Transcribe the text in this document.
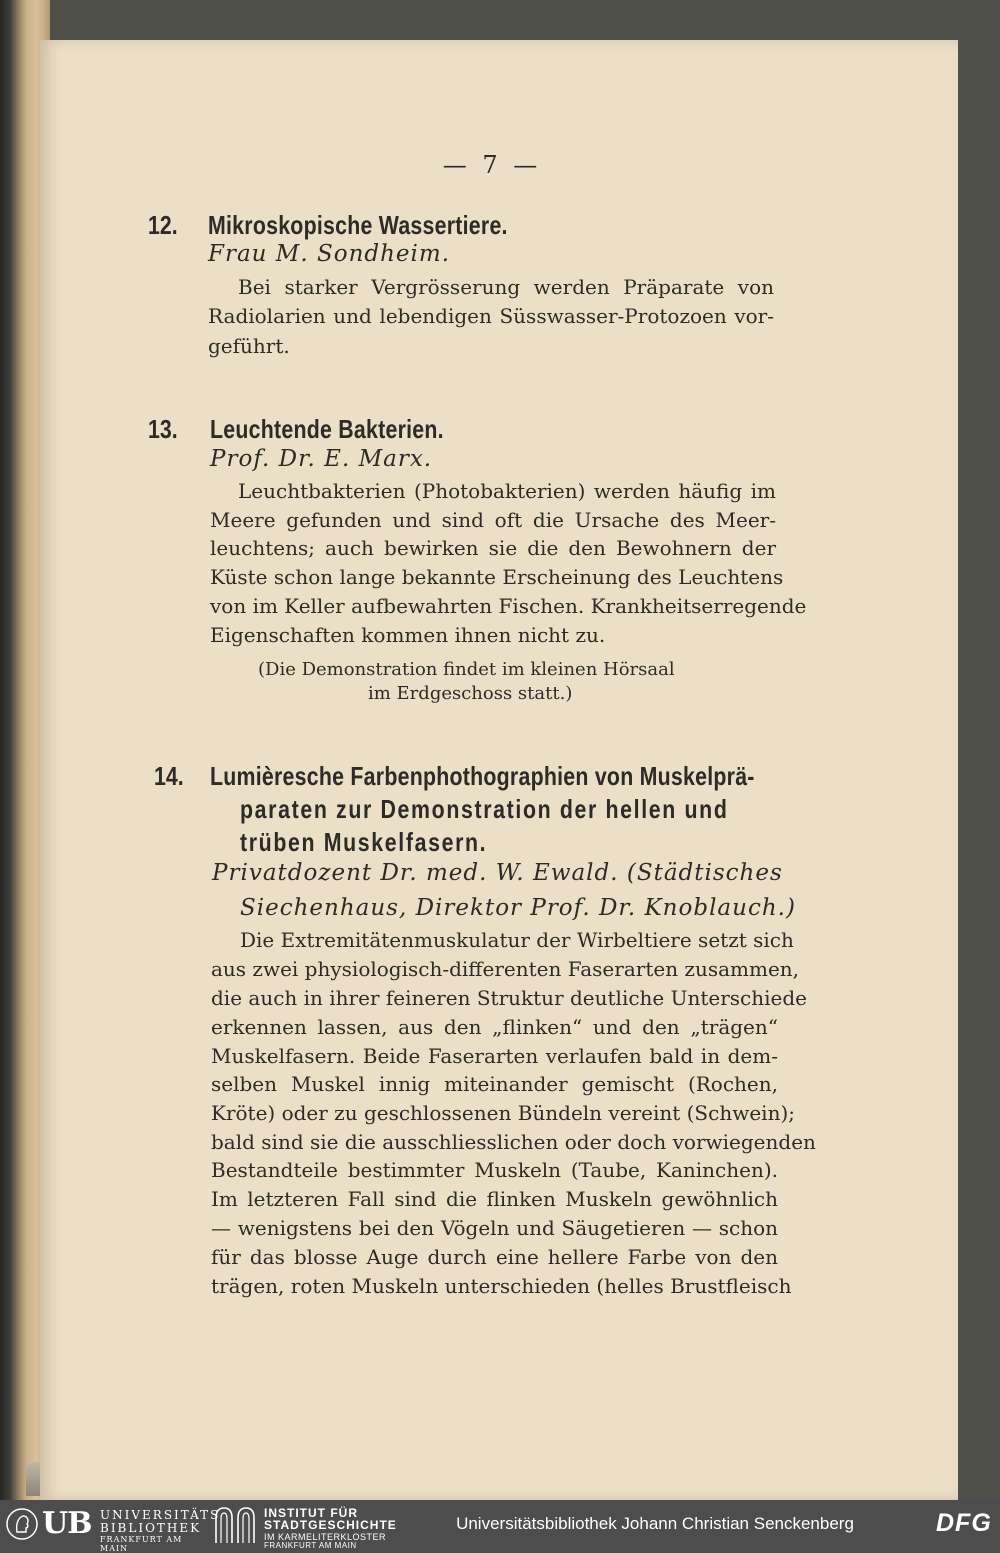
— 7 —
12. Mikroskopische Wassertiere.
Frau M. Sondheim.
Bei starker Vergrösserung werden Präparate von
Radiolarien und lebendigen Süsswasser-Protozoen vor-
geführt.
13. Leuchtende Bakterien.
Prof. Dr. E. Marx.
Leuchtbakterien (Photobakterien) werden häufig im
Meere gefunden und sind oft die Ursache des Meer-
leuchtens; auch bewirken sie die den Bewohnern der
Küste schon lange bekannte Erscheinung des Leuchtens
von im Keller aufbewahrten Fischen. Krankheitserregende
Eigenschaften kommen ihnen nicht zu.
(Die Demonstration findet im kleinen Hörsaal
im Erdgeschoss statt.)
14. Lumièresche Farbenphothographien von Muskelprä-
paraten zur Demonstration der hellen und
trüben Muskelfasern.
Privatdozent Dr. med. W. Ewald. (Städtisches
Siechenhaus, Direktor Prof. Dr. Knoblauch.)
Die Extremitätenmuskulatur der Wirbeltiere setzt sich
aus zwei physiologisch-differenten Faserarten zusammen,
die auch in ihrer feineren Struktur deutliche Unterschiede
erkennen lassen, aus den „flinken“ und den „trägen“
Muskelfasern. Beide Faserarten verlaufen bald in dem-
selben Muskel innig miteinander gemischt (Rochen,
Kröte) oder zu geschlossenen Bündeln vereint (Schwein);
bald sind sie die ausschliesslichen oder doch vorwiegenden
Bestandteile bestimmter Muskeln (Taube, Kaninchen).
Im letzteren Fall sind die flinken Muskeln gewöhnlich
— wenigstens bei den Vögeln und Säugetieren — schon
für das blosse Auge durch eine hellere Farbe von den
trägen, roten Muskeln unterschieden (helles Brustfleisch
UB UNIVERSITÄTS
BIBLIOTHEK
FRANKFURT AM MAIN
INSTITUT FÜR
STADTGESCHICHTE
IM KARMELITERKLOSTER
FRANKFURT AM MAIN
Universitätsbibliothek Johann Christian Senckenberg	DFG
